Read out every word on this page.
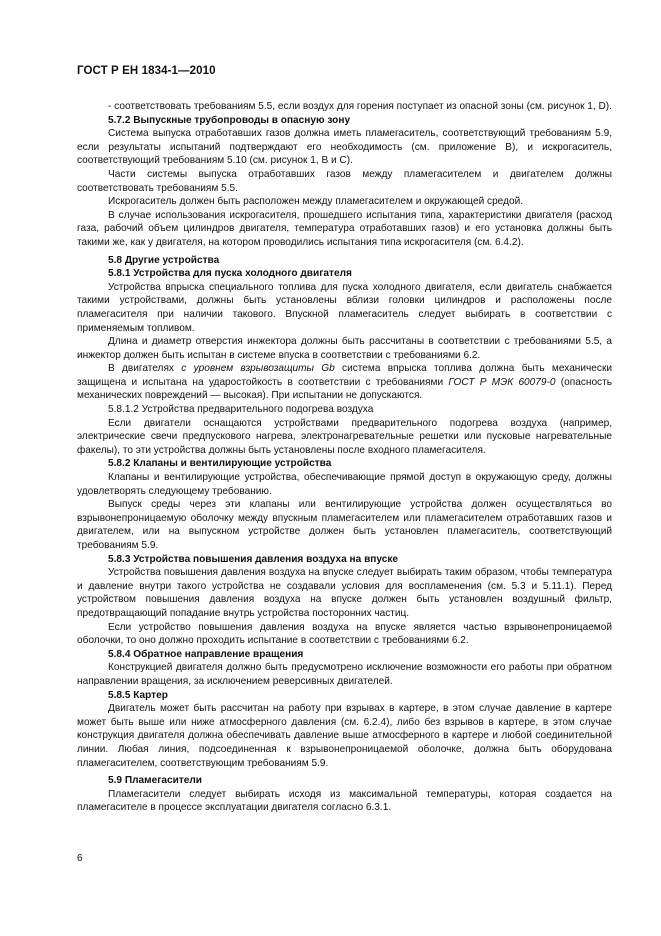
ГОСТ Р ЕН 1834-1—2010

- соответствовать требованиям 5.5, если воздух для горения поступает из опасной зоны (см. рисунок 1, D).

5.7.2 Выпускные трубопроводы в опасную зону

Система выпуска отработавших газов должна иметь пламегаситель, соответствующий требованиям 5.9, если результаты испытаний подтверждают его необходимость (см. приложение В), и искрогаситель, соответствующий требованиям 5.10 (см. рисунок 1, В и С).

Части системы выпуска отработавших газов между пламегасителем и двигателем должны соответствовать требованиям 5.5.

Искрогаситель должен быть расположен между пламегасителем и окружающей средой.

В случае использования искрогасителя, прошедшего испытания типа, характеристики двигателя (расход газа, рабочий объем цилиндров двигателя, температура отработавших газов) и его установка должны быть такими же, как у двигателя, на котором проводились испытания типа искрогасителя (см. 6.4.2).

5.8 Другие устройства

5.8.1 Устройства для пуска холодного двигателя

Устройства впрыска специального топлива для пуска холодного двигателя, если двигатель снабжается такими устройствами, должны быть установлены вблизи головки цилиндров и расположены после пламегасителя при наличии такового. Впускной пламегаситель следует выбирать в соответствии с применяемым топливом.

Длина и диаметр отверстия инжектора должны быть рассчитаны в соответствии с требованиями 5.5, а инжектор должен быть испытан в системе впуска в соответствии с требованиями 6.2.

В двигателях с уровнем взрывозащиты Gb система впрыска топлива должна быть механически защищена и испытана на ударостойкость в соответствии с требованиями ГОСТ Р МЭК 60079-0 (опасность механических повреждений — высокая). При испытании не допускаются.

5.8.1.2 Устройства предварительного подогрева воздуха

Если двигатели оснащаются устройствами предварительного подогрева воздуха (например, электрические свечи предпускового нагрева, электронагревательные решетки или пусковые нагревательные факелы), то эти устройства должны быть установлены после входного пламегасителя.

5.8.2 Клапаны и вентилирующие устройства

Клапаны и вентилирующие устройства, обеспечивающие прямой доступ в окружающую среду, должны удовлетворять следующему требованию.

Выпуск среды через эти клапаны или вентилирующие устройства должен осуществляться во взрывонепроницаемую оболочку между впускным пламегасителем или пламегасителем отработавших газов и двигателем, или на выпускном устройстве должен быть установлен пламегаситель, соответствующий требованиям 5.9.

5.8.3 Устройства повышения давления воздуха на впуске

Устройства повышения давления воздуха на впуске следует выбирать таким образом, чтобы температура и давление внутри такого устройства не создавали условия для воспламенения (см. 5.3 и 5.11.1). Перед устройством повышения давления воздуха на впуске должен быть установлен воздушный фильтр, предотвращающий попадание внутрь устройства посторонних частиц.

Если устройство повышения давления воздуха на впуске является частью взрывонепроницаемой оболочки, то оно должно проходить испытание в соответствии с требованиями 6.2.

5.8.4 Обратное направление вращения

Конструкцией двигателя должно быть предусмотрено исключение возможности его работы при обратном направлении вращения, за исключением реверсивных двигателей.

5.8.5 Картер

Двигатель может быть рассчитан на работу при взрывах в картере, в этом случае давление в картере может быть выше или ниже атмосферного давления (см. 6.2.4), либо без взрывов в картере, в этом случае конструкция двигателя должна обеспечивать давление выше атмосферного в картере и любой соединительной линии. Любая линия, подсоединенная к взрывонепроницаемой оболочке, должна быть оборудована пламегасителем, соответствующим требованиям 5.9.

5.9 Пламегасители

Пламегасители следует выбирать исходя из максимальной температуры, которая создается на пламегасителе в процессе эксплуатации двигателя согласно 6.3.1.

6
